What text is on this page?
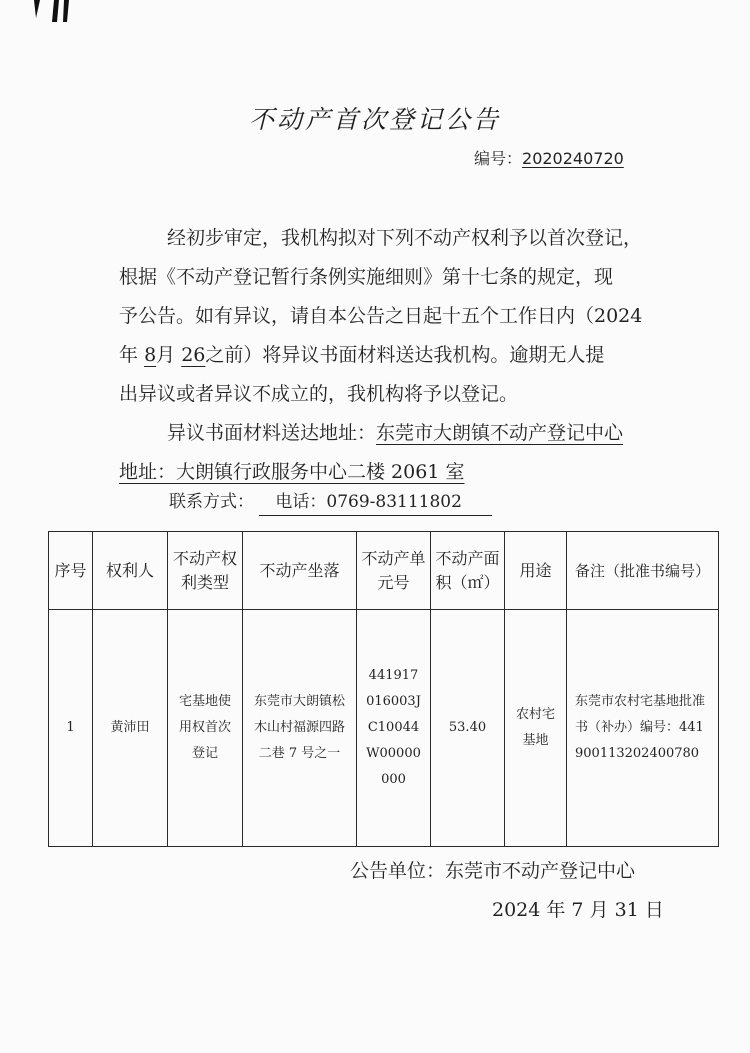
不动产首次登记公告
编号：2020240720
经初步审定，我机构拟对下列不动产权利予以首次登记，
根据《不动产登记暂行条例实施细则》第十七条的规定，现
予公告。如有异议，请自本公告之日起十五个工作日内（2024
年 8月 26之前）将异议书面材料送达我机构。逾期无人提
出异议或者异议不成立的，我机构将予以登记。
异议书面材料送达地址：东莞市大朗镇不动产登记中心
地址：大朗镇行政服务中心二楼 2061 室
联系方式： 电话：0769-83111802
序号	权利人	不动产权利类型	不动产坐落	不动产单元号	不动产面积（㎡）	用途	备注（批准书编号）
1	黄沛田	宅基地使用权首次登记	东莞市大朗镇松木山村福源四路二巷 7 号之一	441917016003JC10044W00000000	53.40	农村宅基地	东莞市农村宅基地批准书（补办）编号：441900113202400780
公告单位：东莞市不动产登记中心
2024 年 7 月 31 日
